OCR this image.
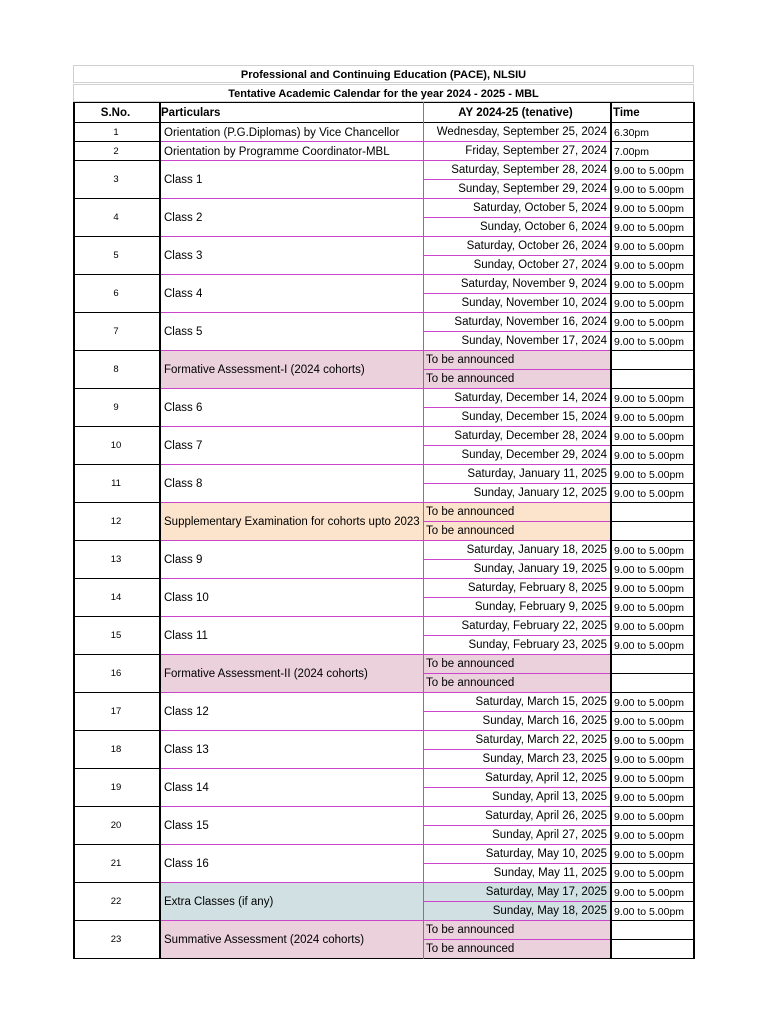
Professional and Continuing Education (PACE), NLSIU
Tentative Academic Calendar for the year 2024 - 2025 - MBL
S.No.	Particulars	AY 2024-25 (tenative)	Time
1	Orientation (P.G.Diplomas) by Vice Chancellor	Wednesday, September 25, 2024 6.30pm
2	Orientation by Programme Coordinator-MBL	Friday, September 27, 2024 7.00pm
3	Class 1
Saturday, September 28, 2024 9.00 to 5.00pm
Sunday, September 29, 2024 9.00 to 5.00pm
4	Class 2
Saturday, October 5, 2024 9.00 to 5.00pm
Sunday, October 6, 2024 9.00 to 5.00pm
5	Class 3
Saturday, October 26, 2024 9.00 to 5.00pm
Sunday, October 27, 2024 9.00 to 5.00pm
6	Class 4
Saturday, November 9, 2024 9.00 to 5.00pm
Sunday, November 10, 2024 9.00 to 5.00pm
7	Class 5
Saturday, November 16, 2024 9.00 to 5.00pm
Sunday, November 17, 2024 9.00 to 5.00pm
8	Formative Assessment-I (2024 cohorts)
To be announced
To be announced
9	Class 6
Saturday, December 14, 2024 9.00 to 5.00pm
Sunday, December 15, 2024 9.00 to 5.00pm
10	Class 7
Saturday, December 28, 2024 9.00 to 5.00pm
Sunday, December 29, 2024 9.00 to 5.00pm
11	Class 8
Saturday, January 11, 2025 9.00 to 5.00pm
Sunday, January 12, 2025 9.00 to 5.00pm
12	Supplementary Examination for cohorts upto 2023
To be announced
To be announced
13	Class 9
Saturday, January 18, 2025 9.00 to 5.00pm
Sunday, January 19, 2025 9.00 to 5.00pm
14	Class 10
Saturday, February 8, 2025 9.00 to 5.00pm
Sunday, February 9, 2025 9.00 to 5.00pm
15	Class 11
Saturday, February 22, 2025 9.00 to 5.00pm
Sunday, February 23, 2025 9.00 to 5.00pm
16	Formative Assessment-II (2024 cohorts)
To be announced
To be announced
17	Class 12
Saturday, March 15, 2025 9.00 to 5.00pm
Sunday, March 16, 2025 9.00 to 5.00pm
18	Class 13
Saturday, March 22, 2025 9.00 to 5.00pm
Sunday, March 23, 2025 9.00 to 5.00pm
19	Class 14
Saturday, April 12, 2025 9.00 to 5.00pm
Sunday, April 13, 2025 9.00 to 5.00pm
20	Class 15
Saturday, April 26, 2025 9.00 to 5.00pm
Sunday, April 27, 2025 9.00 to 5.00pm
21	Class 16
Saturday, May 10, 2025 9.00 to 5.00pm
Sunday, May 11, 2025 9.00 to 5.00pm
22	Extra Classes (if any)
Saturday, May 17, 2025 9.00 to 5.00pm
Sunday, May 18, 2025 9.00 to 5.00pm
23	Summative Assessment (2024 cohorts)
To be announced
To be announced
